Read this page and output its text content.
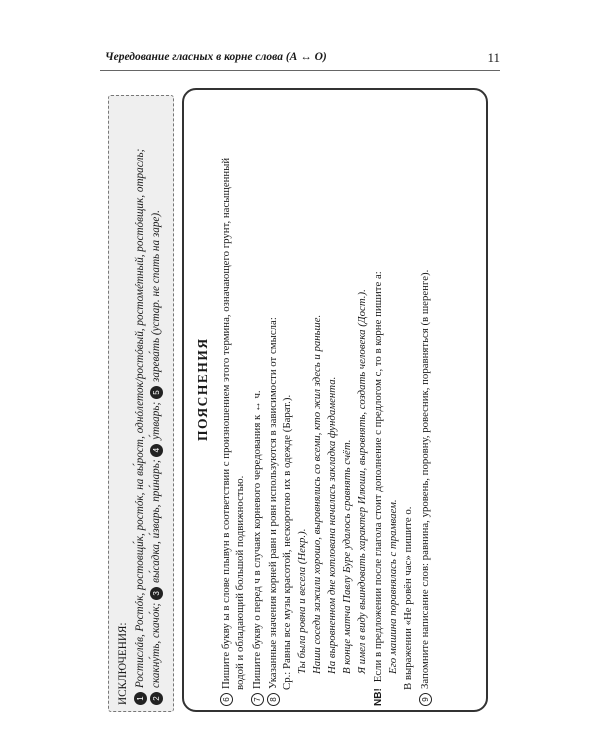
Чередование гласных в корне слова (А ↔ О)	11
ИСКЛЮЧЕНИЯ: 1Ростислáв, Ростóк, ростовщи́к, ростóк, на вы́рост, однóлеток/ростóвый, ростомéтный, ростóвщик, отрасль;
2скакну́ть, скачо́к; 3вы́садка, и́зварь, при́нарь; 4у́тварь; 5зарева́ть (устар. не спать на заре).
ПОЯСНЕНИЯ
6Пишите букву ы в слове плывун в соответствии с произношением этого термина, означающего грунт, насыщенный водой и обладающий большой подвижностью.
7Пишите букву о перед ч в случаях корневого чередования к ↔ ч.
8Указанные значения корней равн и ровн используются в зависимости от смысла: Ср.: Равны все музы красотой, нескоротою их в одежде (Барат.). Ты была ровна и весела (Некр.). Наши соседи зажили хорошо, выравнялись со всеми, кто жил здесь и раньше. На выровненном дне котлована началась закладка фундамента. В конце матча Павлу Буре удалось сравнять счёт. Я имел в виду выиндовать характер Илюши, выровнять, создать человека (Дост.).
NB!Если в предложении после глагола стоит дополнение с предлогом с, то в корне пишите а: Его машина поравнялась с трамваем. В выражении «Не ровён час» пишите о.
9Запомните написание слов: равнина, уровень, поровну, ровесник, поравняться (в шеренге).
